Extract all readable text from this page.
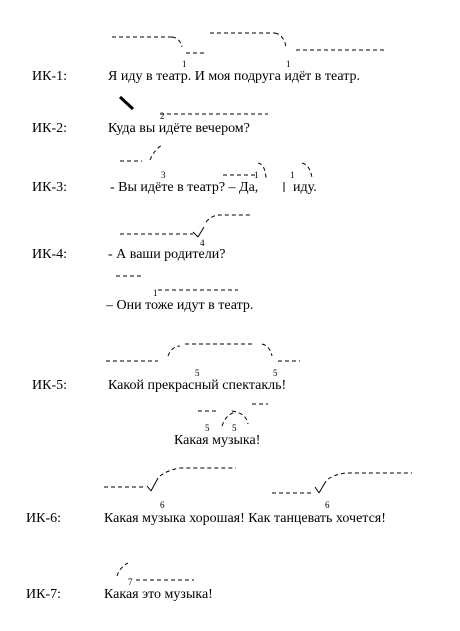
ИК-1:	Я иду в театр. И моя подруга идёт в театр.
1	1
ИК-2:	Куда вы идёте вечером?
2
ИК-3:	- Вы идёте в театр? – Да, иду.
3	1	1
ИК-4:	- А ваши родители?
4
– Они тоже идут в театр.
1
ИК-5:	Какой прекрасный спектакль!
5	5
Какая музыка!
5	5
ИК-6:	Какая музыка хорошая! Как танцевать хочется!
6	6
ИК-7:	Какая это музыка!
7
